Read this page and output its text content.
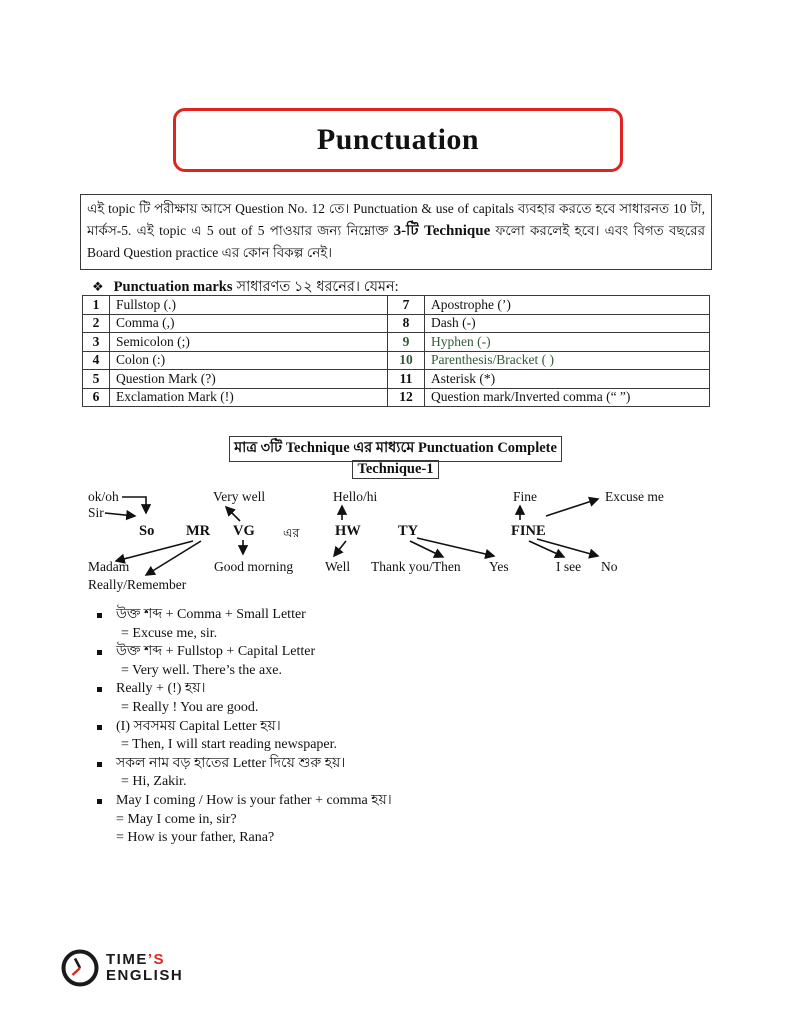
Punctuation
এই topic টি পরীক্ষায় আসে Question No. 12 তে। Punctuation & use of capitals ব্যবহার করতে হবে সাধারনত 10 টা, মার্কস-5. এই topic এ 5 out of 5 পাওয়ার জন্য নিম্নোক্ত 3-টি Technique ফলো করলেই হবে। এবং বিগত বছরের Board Question practice এর কোন বিকল্প নেই।
❖ Punctuation marks সাধারণত ১২ ধরনের। যেমন:
1	Fullstop (.)	7	Apostrophe (’)
2	Comma (,)	8	Dash (-)
3	Semicolon (;)	9	Hyphen (-)
4	Colon (:)	10	Parenthesis/Bracket ( )
5	Question Mark (?)	11	Asterisk (*)
6	Exclamation Mark (!)	12	Question mark/Inverted comma (“ ”)
মাত্র ৩টি Technique এর মাধ্যমে Punctuation Complete
Technique-1
ok/oh
Sir
Very well	Hello/hi	Fine	Excuse me
So MR VG এর HW	TY	FINE
Madam	Good morning Well Thank you/Then Yes	I see No
Really/Remember
উক্ত শব্দ + Comma + Small Letter
= Excuse me, sir.
উক্ত শব্দ + Fullstop + Capital Letter
= Very well. There’s the axe.
Really + (!) হয়।
= Really ! You are good.
(I) সবসময় Capital Letter হয়।
= Then, I will start reading newspaper.
সকল নাম বড় হাতের Letter দিয়ে শুরু হয়।
= Hi, Zakir.
May I coming / How is your father + comma হয়।
= May I come in, sir?
= How is your father, Rana?
TIME’S
ENGLISH
